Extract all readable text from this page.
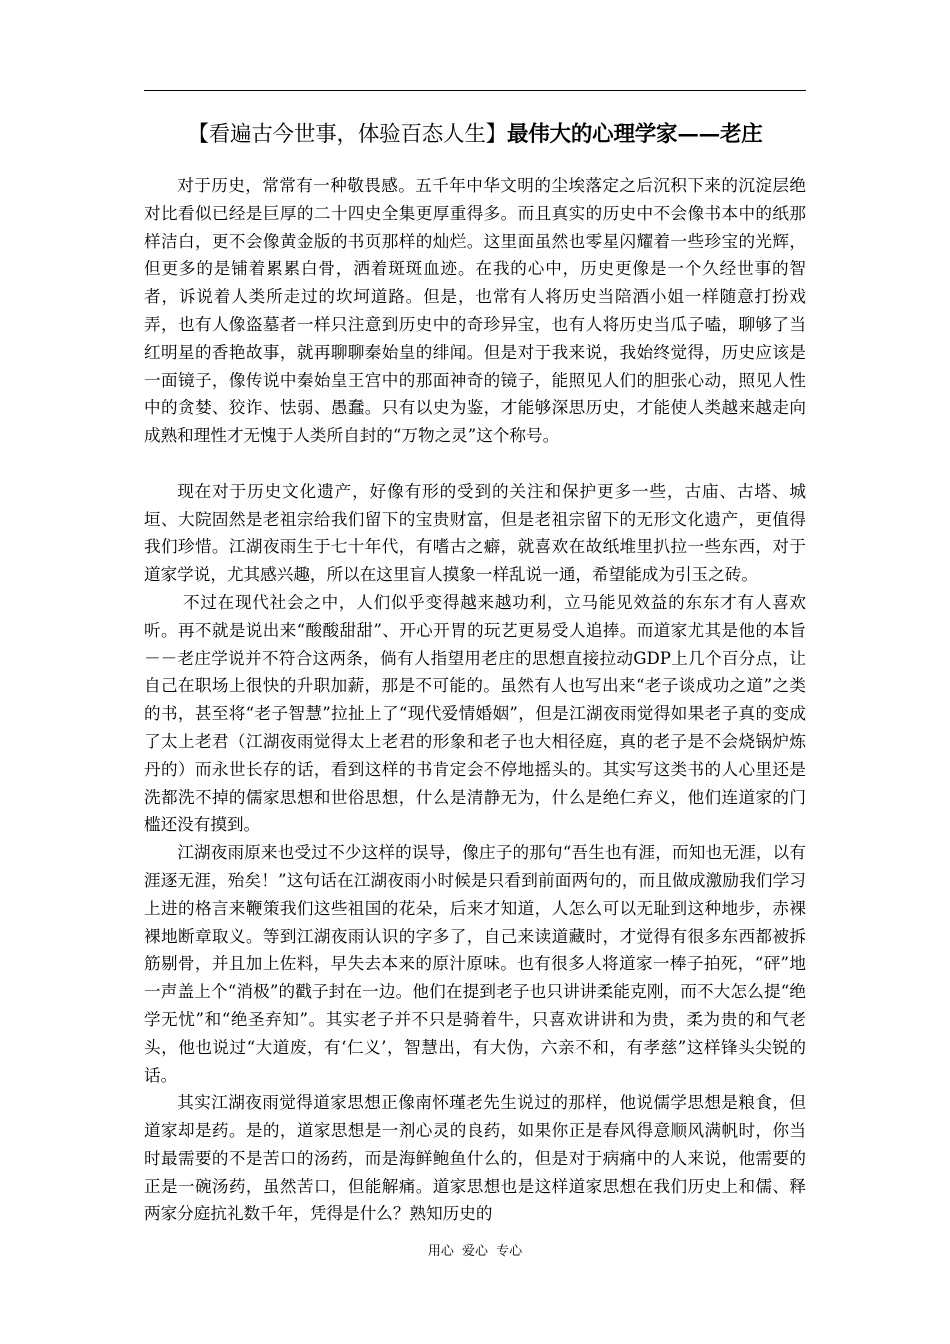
【看遍古今世事，体验百态人生】最伟大的心理学家——老庄

对于历史，常常有一种敬畏感。五千年中华文明的尘埃落定之后沉积下来的沉淀层绝对比看似已经是巨厚的二十四史全集更厚重得多。而且真实的历史中不会像书本中的纸那样洁白，更不会像黄金版的书页那样的灿烂。这里面虽然也零星闪耀着一些珍宝的光辉，但更多的是铺着累累白骨，洒着斑斑血迹。在我的心中，历史更像是一个久经世事的智者，诉说着人类所走过的坎坷道路。但是，也常有人将历史当陪酒小姐一样随意打扮戏弄，也有人像盗墓者一样只注意到历史中的奇珍异宝，也有人将历史当瓜子嗑，聊够了当红明星的香艳故事，就再聊聊秦始皇的绯闻。但是对于我来说，我始终觉得，历史应该是一面镜子，像传说中秦始皇王宫中的那面神奇的镜子，能照见人们的胆张心动，照见人性中的贪婪、狡诈、怯弱、愚蠢。只有以史为鉴，才能够深思历史，才能使人类越来越走向成熟和理性才无愧于人类所自封的“万物之灵”这个称号。

现在对于历史文化遗产，好像有形的受到的关注和保护更多一些，古庙、古塔、城垣、大院固然是老祖宗给我们留下的宝贵财富，但是老祖宗留下的无形文化遗产，更值得我们珍惜。江湖夜雨生于七十年代，有嗜古之癖，就喜欢在故纸堆里扒拉一些东西，对于道家学说，尤其感兴趣，所以在这里盲人摸象一样乱说一通，希望能成为引玉之砖。

不过在现代社会之中，人们似乎变得越来越功利，立马能见效益的东东才有人喜欢听。再不就是说出来“酸酸甜甜”、开心开胃的玩艺更易受人追捧。而道家尤其是他的本旨－－老庄学说并不符合这两条，倘有人指望用老庄的思想直接拉动GDP上几个百分点，让自己在职场上很快的升职加薪，那是不可能的。虽然有人也写出来“老子谈成功之道”之类的书，甚至将“老子智慧”拉扯上了“现代爱情婚姻”，但是江湖夜雨觉得如果老子真的变成了太上老君（江湖夜雨觉得太上老君的形象和老子也大相径庭，真的老子是不会烧锅炉炼丹的）而永世长存的话，看到这样的书肯定会不停地摇头的。其实写这类书的人心里还是洗都洗不掉的儒家思想和世俗思想，什么是清静无为，什么是绝仁弃义，他们连道家的门槛还没有摸到。

江湖夜雨原来也受过不少这样的误导，像庄子的那句“吾生也有涯，而知也无涯，以有涯逐无涯，殆矣！”这句话在江湖夜雨小时候是只看到前面两句的，而且做成激励我们学习上进的格言来鞭策我们这些祖国的花朵，后来才知道，人怎么可以无耻到这种地步，赤裸裸地断章取义。等到江湖夜雨认识的字多了，自己来读道藏时，才觉得有很多东西都被拆筋剔骨，并且加上佐料，早失去本来的原汁原味。也有很多人将道家一棒子拍死，“砰”地一声盖上个“消极”的戳子封在一边。他们在提到老子也只讲讲柔能克刚，而不大怎么提“绝学无忧”和“绝圣弃知”。其实老子并不只是骑着牛，只喜欢讲讲和为贵，柔为贵的和气老头，他也说过“大道废，有‘仁义’，智慧出，有大伪，六亲不和，有孝慈”这样锋头尖锐的话。

其实江湖夜雨觉得道家思想正像南怀瑾老先生说过的那样，他说儒学思想是粮食，但道家却是药。是的，道家思想是一剂心灵的良药，如果你正是春风得意顺风满帆时，你当时最需要的不是苦口的汤药，而是海鲜鲍鱼什么的，但是对于病痛中的人来说，他需要的正是一碗汤药，虽然苦口，但能解痛。道家思想也是这样道家思想在我们历史上和儒、释两家分庭抗礼数千年，凭得是什么？熟知历史的

用心 爱心 专心
